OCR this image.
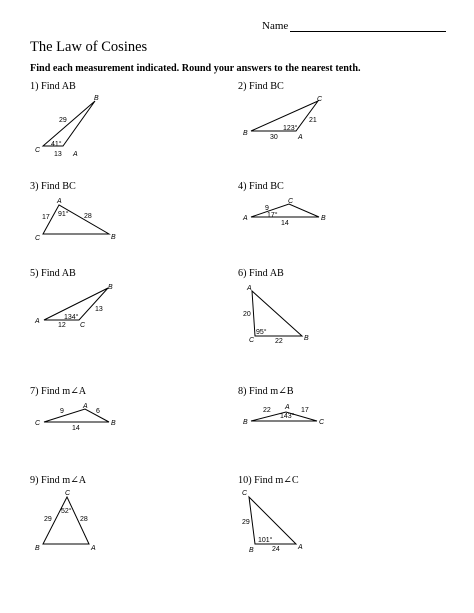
Name
The Law of Cosines
Find each measurement indicated. Round your answers to the nearest tenth.
1) Find AB	2) Find BC
3) Find BC	4) Find BC
5) Find AB	6) Find AB
7) Find m∠A	8) Find m∠B
9) Find m∠A	10) Find m∠C
B
C
A
29
13
41°
C
B
A
30
21
123°
A
C	B
17	28
91°
C
A	B
9
14
17°
B
A
C
12
13
134°
A
C	B
20
22
95°
A
C	B
9	6
14
A
B	C
22	17
143°
C
B	A
29	28
52°
C
B	A
29
24
101°
